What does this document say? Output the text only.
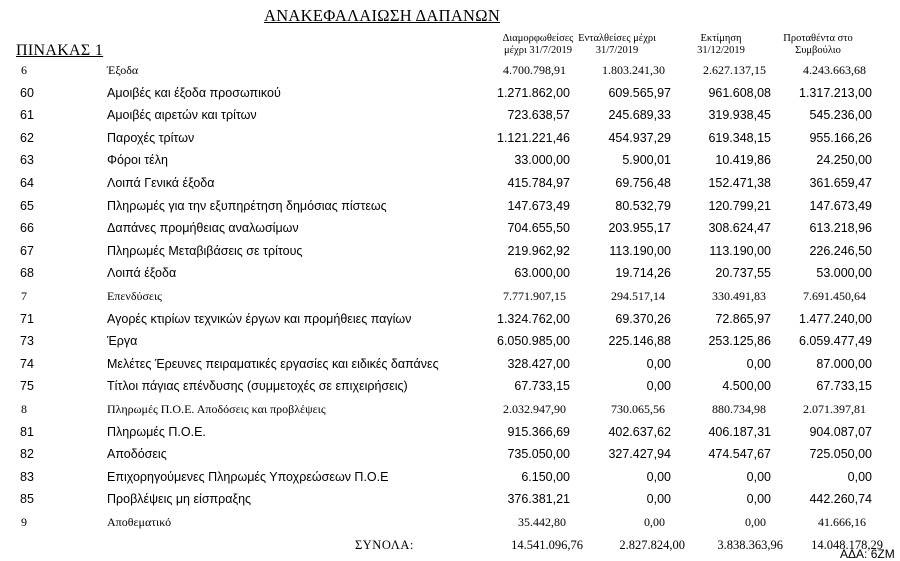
ΑΝΑΚΕΦΑΛΑΙΩΣΗ ΔΑΠΑΝΩΝ
ΠΙΝΑΚΑΣ 1
Διαμορφωθείσες
μέχρι 31/7/2019
Ενταλθείσες μέχρι
31/7/2019
Εκτίμηση
31/12/2019
Προταθέντα στο
Συμβούλιο
6	Έξοδα	4.700.798,91	1.803.241,30	2.627.137,15	4.243.663,68
60	Αμοιβές και έξοδα προσωπικού	1.271.862,00	609.565,97	961.608,08	1.317.213,00
61	Αμοιβές αιρετών και τρίτων	723.638,57	245.689,33	319.938,45	545.236,00
62	Παροχές τρίτων	1.121.221,46	454.937,29	619.348,15	955.166,26
63	Φόροι τέλη	33.000,00	5.900,01	10.419,86	24.250,00
64	Λοιπά Γενικά έξοδα	415.784,97	69.756,48	152.471,38	361.659,47
65	Πληρωμές για την εξυπηρέτηση δημόσιας πίστεως	147.673,49	80.532,79	120.799,21	147.673,49
66	Δαπάνες προμήθειας αναλωσίμων	704.655,50	203.955,17	308.624,47	613.218,96
67	Πληρωμές Μεταβιβάσεις σε τρίτους	219.962,92	113.190,00	113.190,00	226.246,50
68	Λοιπά έξοδα	63.000,00	19.714,26	20.737,55	53.000,00
7	Επενδύσεις	7.771.907,15	294.517,14	330.491,83	7.691.450,64
71	Αγορές κτιρίων τεχνικών έργων και προμήθειες παγίων	1.324.762,00	69.370,26	72.865,97	1.477.240,00
73	Έργα	6.050.985,00	225.146,88	253.125,86	6.059.477,49
74	Μελέτες Έρευνες πειραματικές εργασίες και ειδικές δαπάνες	328.427,00	0,00	0,00	87.000,00
75	Τίτλοι πάγιας επένδυσης (συμμετοχές σε επιχειρήσεις)	67.733,15	0,00	4.500,00	67.733,15
8	Πληρωμές Π.Ο.Ε. Αποδόσεις και προβλέψεις	2.032.947,90	730.065,56	880.734,98	2.071.397,81
81	Πληρωμές Π.Ο.Ε.	915.366,69	402.637,62	406.187,31	904.087,07
82	Αποδόσεις	735.050,00	327.427,94	474.547,67	725.050,00
83	Επιχορηγούμενες Πληρωμές Υποχρεώσεων Π.Ο.Ε	6.150,00	0,00	0,00	0,00
85	Προβλέψεις μη είσπραξης	376.381,21	0,00	0,00	442.260,74
9	Αποθεματικό	35.442,80	0,00	0,00	41.666,16
ΣΥΝΟΛΑ:	14.541.096,76	2.827.824,00	3.838.363,96	14.048.178,29
ΑΔΑ: 6ΖΜ
